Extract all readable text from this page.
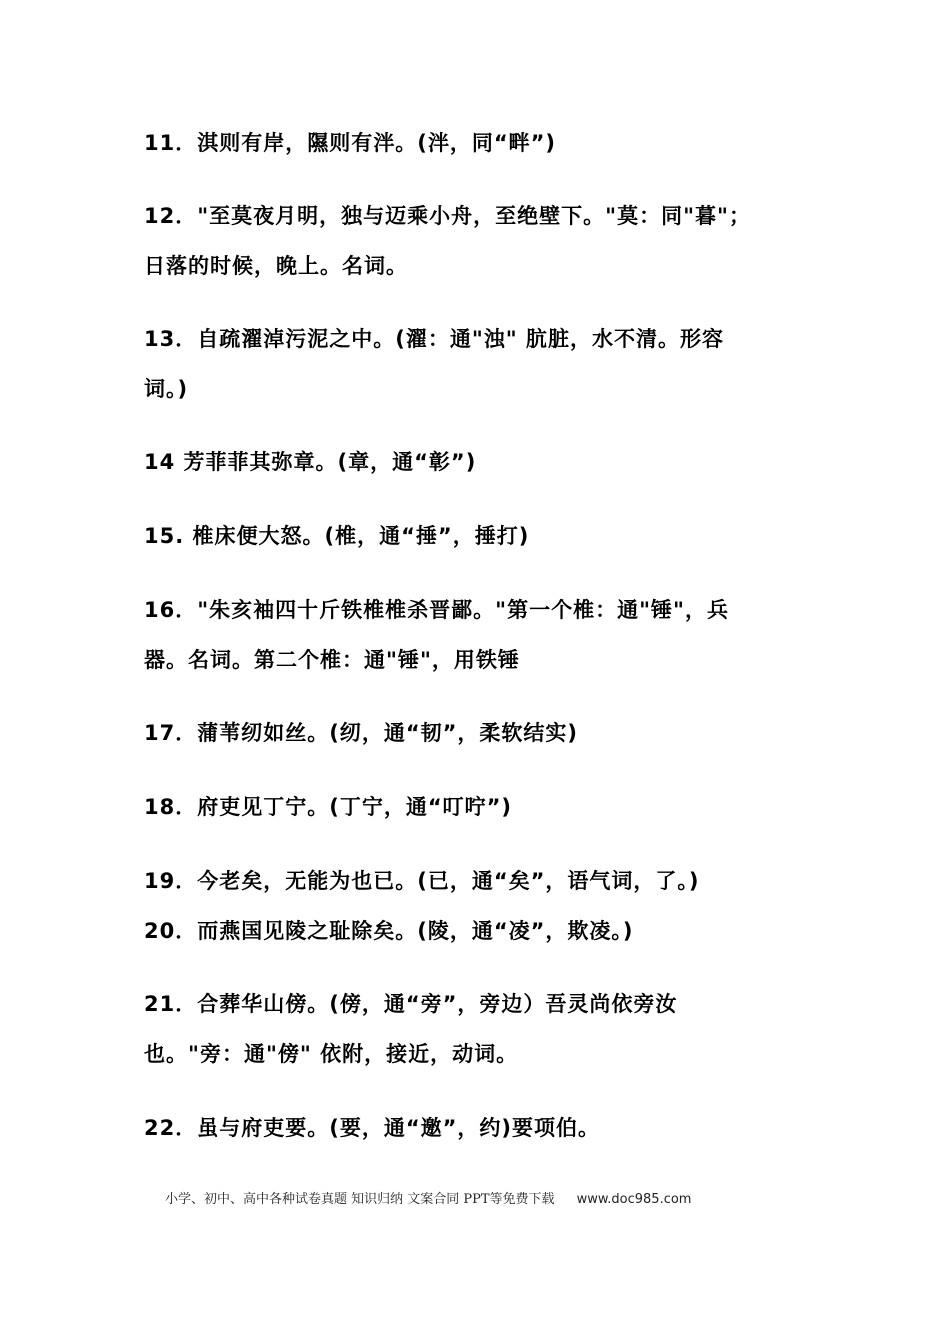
11．淇则有岸，隰则有泮。(泮，同“畔”)
12．"至莫夜月明，独与迈乘小舟，至绝壁下。"莫：同"暮"；
日落的时候，晚上。名词。
13．自疏濯淖污泥之中。(濯：通"浊" 肮脏，水不清。形容
词。)
14 芳菲菲其弥章。(章，通“彰”)
15. 椎床便大怒。(椎，通“捶”，捶打)
16．"朱亥袖四十斤铁椎椎杀晋鄙。"第一个椎：通"锤"，兵
器。名词。第二个椎：通"锤"，用铁锤
17．蒲苇纫如丝。(纫，通“韧”，柔软结实)
18．府吏见丁宁。(丁宁，通“叮咛”)
19．今老矣，无能为也已。(已，通“矣”，语气词，了。)
20．而燕国见陵之耻除矣。(陵，通“凌”，欺凌。)
21．合葬华山傍。(傍，通“旁”，旁边）吾灵尚依旁汝
也。"旁：通"傍" 依附，接近，动词。
22．虽与府吏要。(要，通“邀”，约)要项伯。
小学、初中、高中各种试卷真题 知识归纳 文案合同 PPT等免费下载 www.doc985.com
